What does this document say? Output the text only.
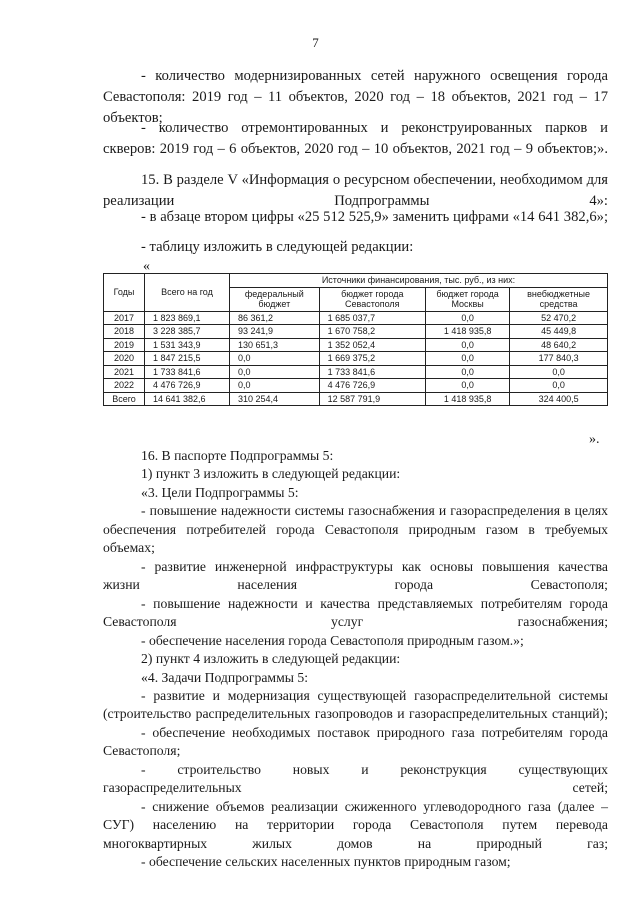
7

- количество модернизированных сетей наружного освещения города Севастополя: 2019 год – 11 объектов, 2020 год – 18 объектов, 2021 год – 17 объектов;

- количество отремонтированных и реконструированных парков и скверов: 2019 год – 6 объектов, 2020 год – 10 объектов, 2021 год – 9 объектов;».

15. В разделе V «Информация о ресурсном обеспечении, необходимом для реализации Подпрограммы 4»:

- в абзаце втором цифры «25 512 525,9» заменить цифрами «14 641 382,6»;

- таблицу изложить в следующей редакции:

«
Годы	Всего на год	Источники финансирования, тыс. руб., из них:			
		федеральный бюджет	бюджет города Севастополя	бюджет города Москвы	внебюджетные средства
2017	1 823 869,1	86 361,2	1 685 037,7	0,0	52 470,2
2018	3 228 385,7	93 241,9	1 670 758,2	1 418 935,8	45 449,8
2019	1 531 343,9	130 651,3	1 352 052,4	0,0	48 640,2
2020	1 847 215,5	0,0	1 669 375,2	0,0	177 840,3
2021	1 733 841,6	0,0	1 733 841,6	0,0	0,0
2022	4 476 726,9	0,0	4 476 726,9	0,0	0,0
Всего	14 641 382,6	310 254,4	12 587 791,9	1 418 935,8	324 400,5
».

16. В паспорте Подпрограммы 5:

1) пункт 3 изложить в следующей редакции:

«3. Цели Подпрограммы 5:

- повышение надежности системы газоснабжения и газораспределения в целях обеспечения потребителей города Севастополя природным газом в требуемых объемах;

- развитие инженерной инфраструктуры как основы повышения качества жизни населения города Севастополя;

- повышение надежности и качества представляемых потребителям города Севастополя услуг газоснабжения;

- обеспечение населения города Севастополя природным газом.»;

2) пункт 4 изложить в следующей редакции:

«4. Задачи Подпрограммы 5:

- развитие и модернизация существующей газораспределительной системы (строительство распределительных газопроводов и газораспределительных станций);

- обеспечение необходимых поставок природного газа потребителям города Севастополя;

- строительство новых и реконструкция существующих газораспределительных сетей;

- снижение объемов реализации сжиженного углеводородного газа (далее – СУГ) населению на территории города Севастополя путем перевода многоквартирных жилых домов на природный газ;

- обеспечение сельских населенных пунктов природным газом;
